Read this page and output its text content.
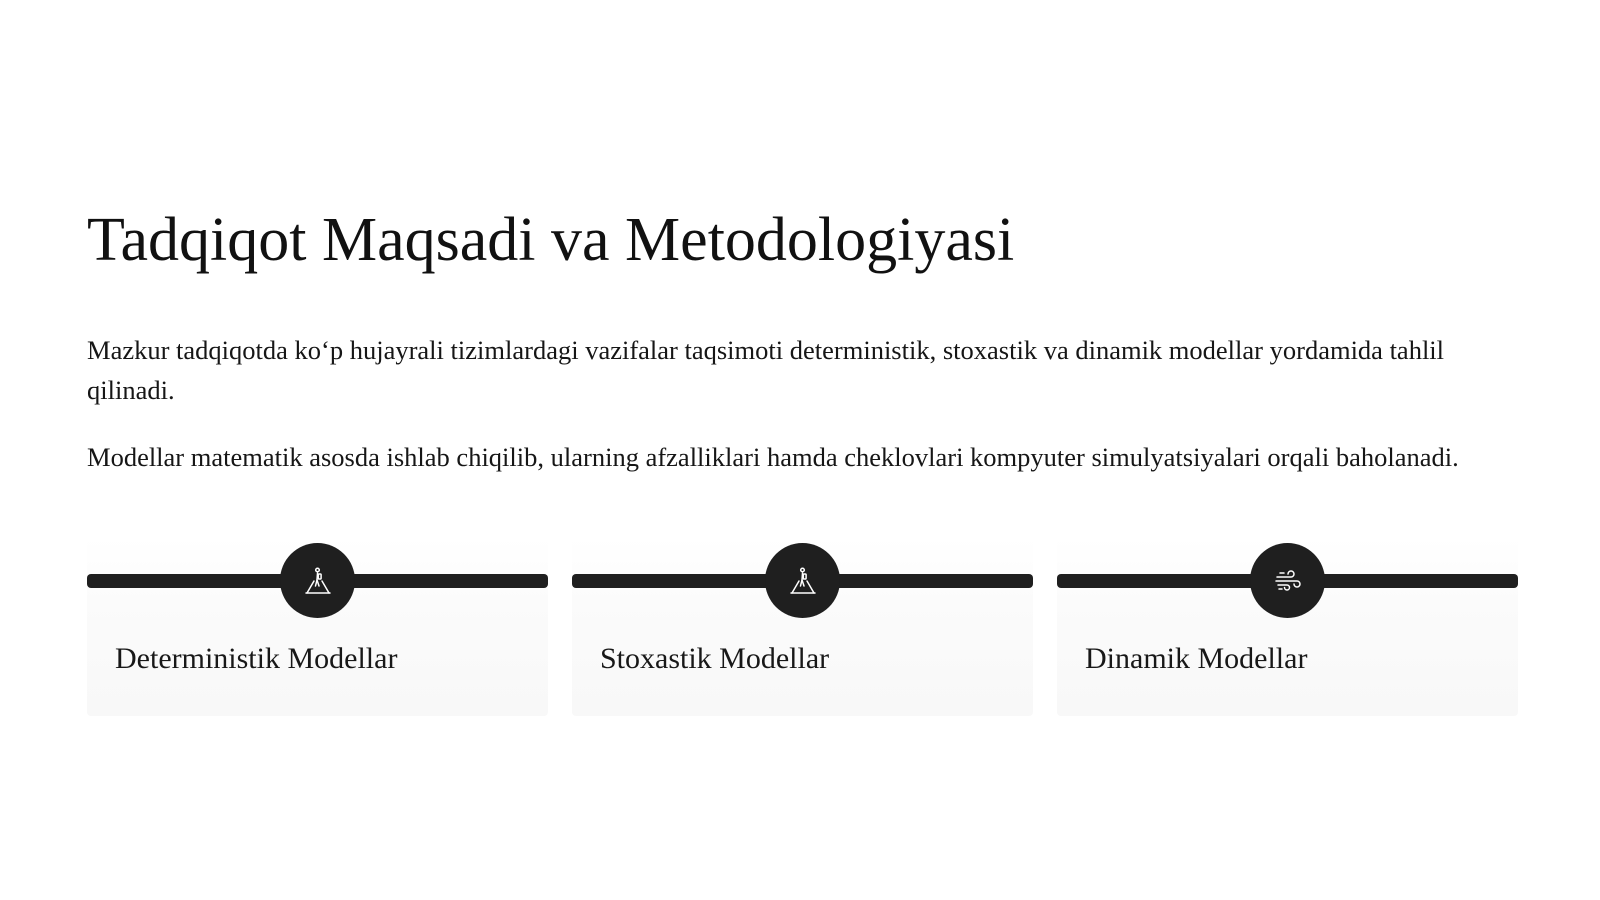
Tadqiqot Maqsadi va Metodologiyasi

Mazkur tadqiqotda ko‘p hujayrali tizimlardagi vazifalar taqsimoti deterministik, stoxastik va dinamik modellar yordamida tahlil qilinadi.

Modellar matematik asosda ishlab chiqilib, ularning afzalliklari hamda cheklovlari kompyuter simulyatsiyalari orqali baholanadi.

Deterministik Modellar	Stoxastik Modellar	Dinamik Modellar
